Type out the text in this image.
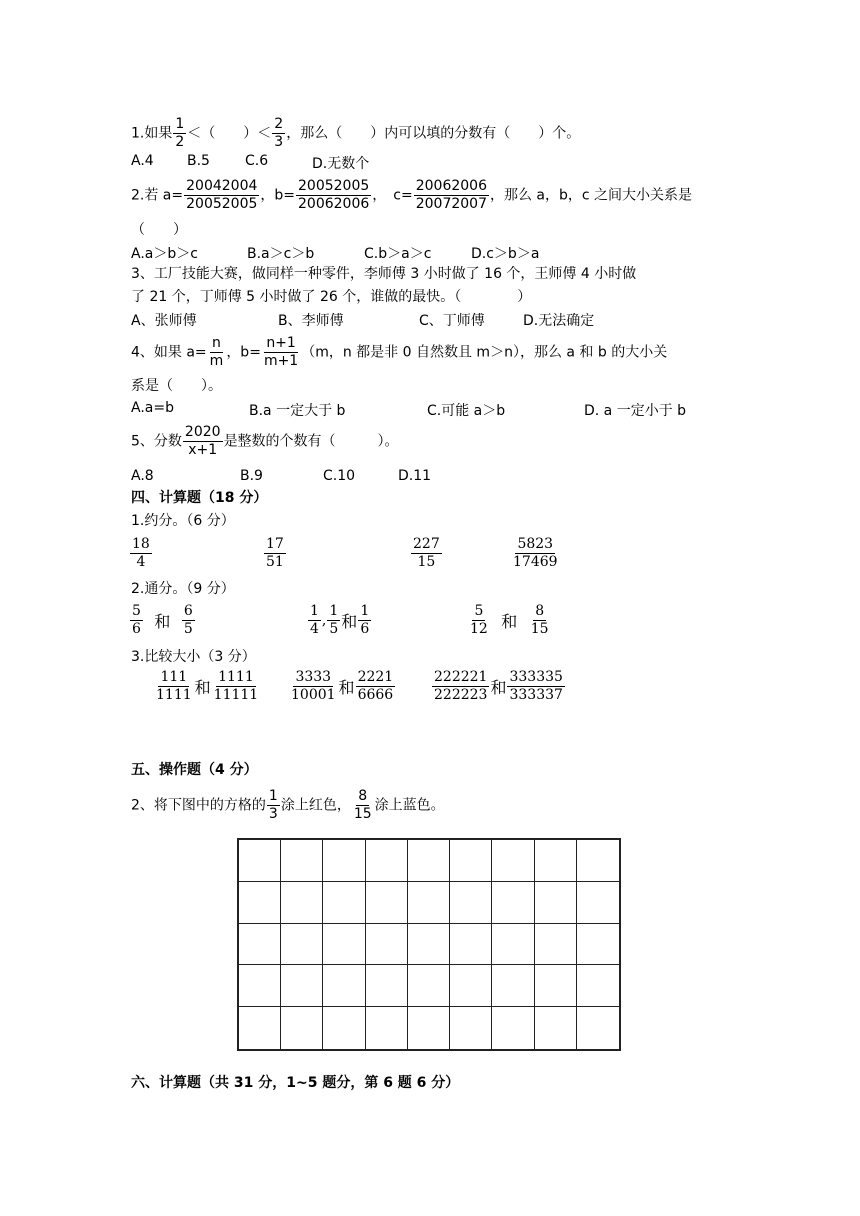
1.如果 $\frac{1}{2}$ ＜（　　）＜ $\frac{2}{3}$ ，那么（　　）内可以填的分数有（　　）个。
A.4 B.5	C.6	D.无数个
2.若 $a= \frac{20042004}{20052005}$ ，$b= \frac{20052005}{20062006}$ ，　$c= \frac{20062006}{20072007}$ ，那么 a，b，c 之间大小关系是
（　　）
A.a＞b＞c	B.a＞c＞b	C.b＞a＞c	D.c＞b＞a
3、工厂技能大赛，做同样一种零件，李师傅 3 小时做了 16 个，王师傅 4 小时做
了 21 个，丁师傅 5 小时做了 26 个，谁做的最快。（　　　　）
A、张师傅	B、李师傅	C、丁师傅	D.无法确定
4、如果 $a= \frac{n}{m}$ ，$b= \frac{n+1}{m+1} (m$，n 都是非 0 自然数且 m＞n），那么 a 和 b 的大小关
系是（　　）。
A.a=b	B.a 一定大于 b	C.可能 a＞b	D. a 一定小于 b
5、分数 $\frac{2020}{x+1}$ 是整数的个数有（　　　）。
A.8	B.9	C.10	D.11
四、计算题（18 分）
1.约分。（6 分）
$\frac{18}{4}$	$\frac{17}{51}$	$\frac{227}{15}$	$\frac{5823}{17469}$
2.通分。（9 分）
$\frac{5}{6}$ 和 $\frac{6}{5}$	$\frac{1}{4}$ , $\frac{1}{5}$ 和 $\frac{1}{6}$	$\frac{5}{12}$ 和 $\frac{8}{15}$
3.比较大小（3 分）
$\frac{111}{1111}$ 和 $\frac{1111}{11111} \frac{3333}{10001}$ 和 $\frac{2221}{6666}$	$\frac{222221}{222223}$ 和 $\frac{333335}{333337}$
五、操作题（4 分）
2、将下图中的方格的 $\frac{1}{3}$ 涂上红色， $\frac{8}{15}$ 涂上蓝色。
六、计算题（共 31 分，1~5 题分，第 6 题 6 分）
